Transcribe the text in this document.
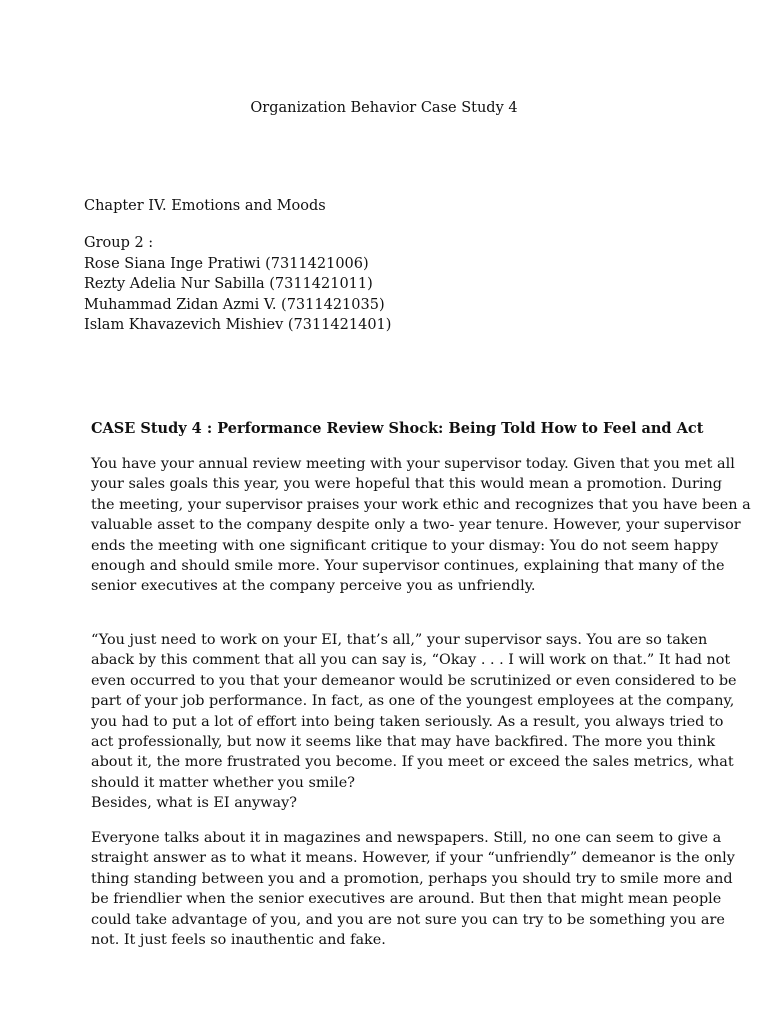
Organization Behavior Case Study 4

Chapter IV. Emotions and Moods

Group 2 :
Rose Siana Inge Pratiwi (7311421006)
Rezty Adelia Nur Sabilla (7311421011)
Muhammad Zidan Azmi V. (7311421035)
Islam Khavazevich Mishiev (7311421401)
CASE Study 4 : Performance Review Shock: Being Told How to Feel and Act

You have your annual review meeting with your supervisor today. Given that you met all
your sales goals this year, you were hopeful that this would mean a promotion. During
the meeting, your supervisor praises your work ethic and recognizes that you have been a
valuable asset to the company despite only a two- year tenure. However, your supervisor
ends the meeting with one significant critique to your dismay: You do not seem happy
enough and should smile more. Your supervisor continues, explaining that many of the
senior executives at the company perceive you as unfriendly.

“You just need to work on your EI, that’s all,” your supervisor says. You are so taken
aback by this comment that all you can say is, “Okay . . . I will work on that.” It had not
even occurred to you that your demeanor would be scrutinized or even considered to be
part of your job performance. In fact, as one of the youngest employees at the company,
you had to put a lot of effort into being taken seriously. As a result, you always tried to
act professionally, but now it seems like that may have backfired. The more you think
about it, the more frustrated you become. If you meet or exceed the sales metrics, what
should it matter whether you smile?
Besides, what is EI anyway?

Everyone talks about it in magazines and newspapers. Still, no one can seem to give a
straight answer as to what it means. However, if your “unfriendly” demeanor is the only
thing standing between you and a promotion, perhaps you should try to smile more and
be friendlier when the senior executives are around. But then that might mean people
could take advantage of you, and you are not sure you can try to be something you are
not. It just feels so inauthentic and fake.
